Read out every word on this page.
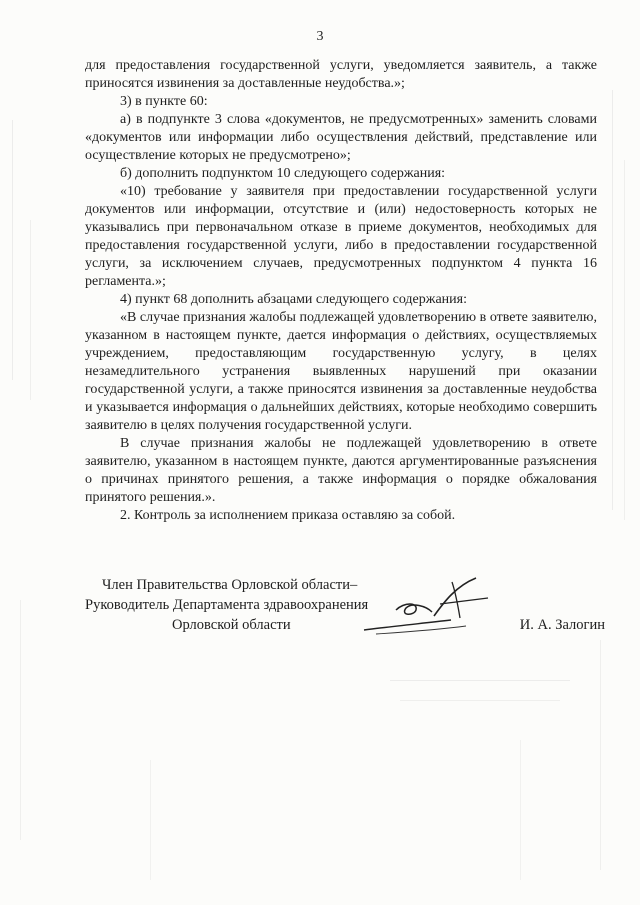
3

для предоставления государственной услуги, уведомляется заявитель, а также приносятся извинения за доставленные неудобства.»;

3) в пункте 60:

а) в подпункте 3 слова «документов, не предусмотренных» заменить словами «документов или информации либо осуществления действий, представление или осуществление которых не предусмотрено»;

б) дополнить подпунктом 10 следующего содержания:

«10) требование у заявителя при предоставлении государственной услуги документов или информации, отсутствие и (или) недостоверность которых не указывались при первоначальном отказе в приеме документов, необходимых для предоставления государственной услуги, либо в предоставлении государственной услуги, за исключением случаев, предусмотренных подпунктом 4 пункта 16 регламента.»;

4) пункт 68 дополнить абзацами следующего содержания:

«В случае признания жалобы подлежащей удовлетворению в ответе заявителю, указанном в настоящем пункте, дается информация о действиях, осуществляемых учреждением, предоставляющим государственную услугу, в целях незамедлительного устранения выявленных нарушений при оказании государственной услуги, а также приносятся извинения за доставленные неудобства и указывается информация о дальнейших действиях, которые необходимо совершить заявителю в целях получения государственной услуги.

В случае признания жалобы не подлежащей удовлетворению в ответе заявителю, указанном в настоящем пункте, даются аргументированные разъяснения о причинах принятого решения, а также информация о порядке обжалования принятого решения.».

2. Контроль за исполнением приказа оставляю за собой.

Член Правительства Орловской области–
Руководитель Департамента здравоохранения
Орловской области	И. А. Залогин
